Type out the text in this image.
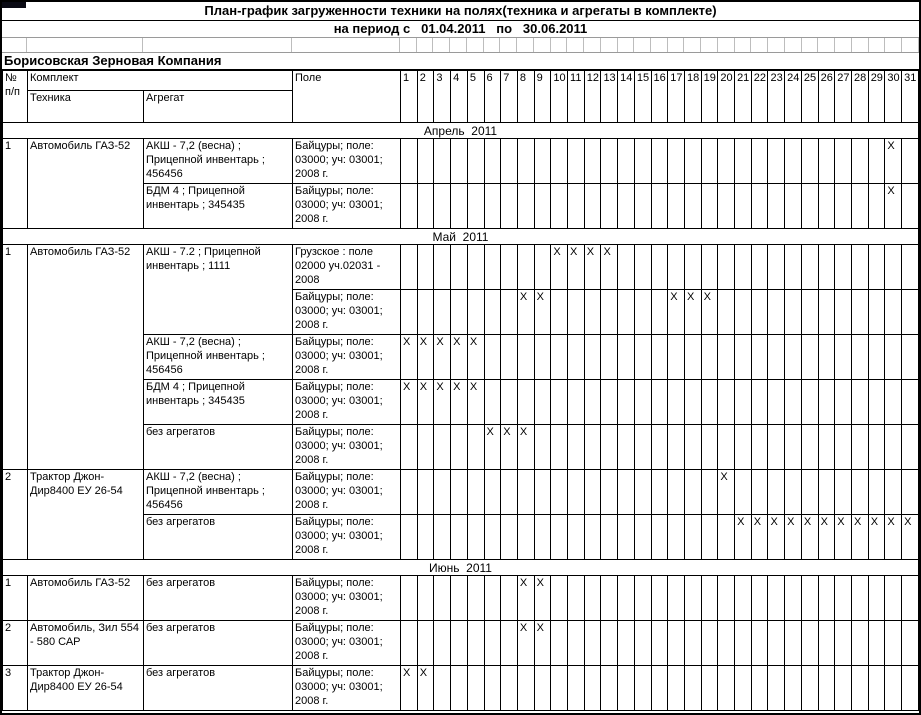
План-график загруженности техники на полях(техника и агрегаты в комплекте)
на период с   01.04.2011   по   30.06.2011
Борисовская Зерновая Компания
№
п/п	Комплект		Поле	1	2	3	4	5	6	7	8	9	10	11	12	13	14	15	16	17	18	19	20	21	22	23	24	25	26	27	28	29	30	31
	Техника	Агрегат																																
Апрель  2011																																		
1	Автомобиль ГАЗ-52	АКШ - 7,2 (весна) ; Прицепной инвентарь ; 456456	Байцуры; поле: 03000; уч: 03001; 2008 г.																														X	
		БДМ 4 ; Прицепной инвентарь ; 345435	Байцуры; поле: 03000; уч: 03001; 2008 г.																														X	
Май  2011																																		
1	Автомобиль ГАЗ-52	АКШ - 7.2 ; Прицепной инвентарь ; 1111	Грузское : поле 02000 уч.02031 - 2008										X	X	X	X																		
			Байцуры; поле: 03000; уч: 03001; 2008 г.								X	X								X	X	X												
		АКШ - 7,2 (весна) ; Прицепной инвентарь ; 456456	Байцуры; поле: 03000; уч: 03001; 2008 г.	X	X	X	X	X																										
		БДМ 4 ; Прицепной инвентарь ; 345435	Байцуры; поле: 03000; уч: 03001; 2008 г.	X	X	X	X	X																										
		без агрегатов	Байцуры; поле: 03000; уч: 03001; 2008 г.						X	X	X																							
2	Трактор Джон-Дир8400 ЕУ 26-54	АКШ - 7,2 (весна) ; Прицепной инвентарь ; 456456	Байцуры; поле: 03000; уч: 03001; 2008 г.																				X											
		без агрегатов	Байцуры; поле: 03000; уч: 03001; 2008 г.																					X	X	X	X	X	X	X	X	X	X	X
Июнь  2011																																		
1	Автомобиль ГАЗ-52	без агрегатов	Байцуры; поле: 03000; уч: 03001; 2008 г.								X	X																						
2	Автомобиль, Зил 554 - 580 САР	без агрегатов	Байцуры; поле: 03000; уч: 03001; 2008 г.								X	X																						
3	Трактор Джон-Дир8400 ЕУ 26-54	без агрегатов	Байцуры; поле: 03000; уч: 03001; 2008 г.	X	X																													
